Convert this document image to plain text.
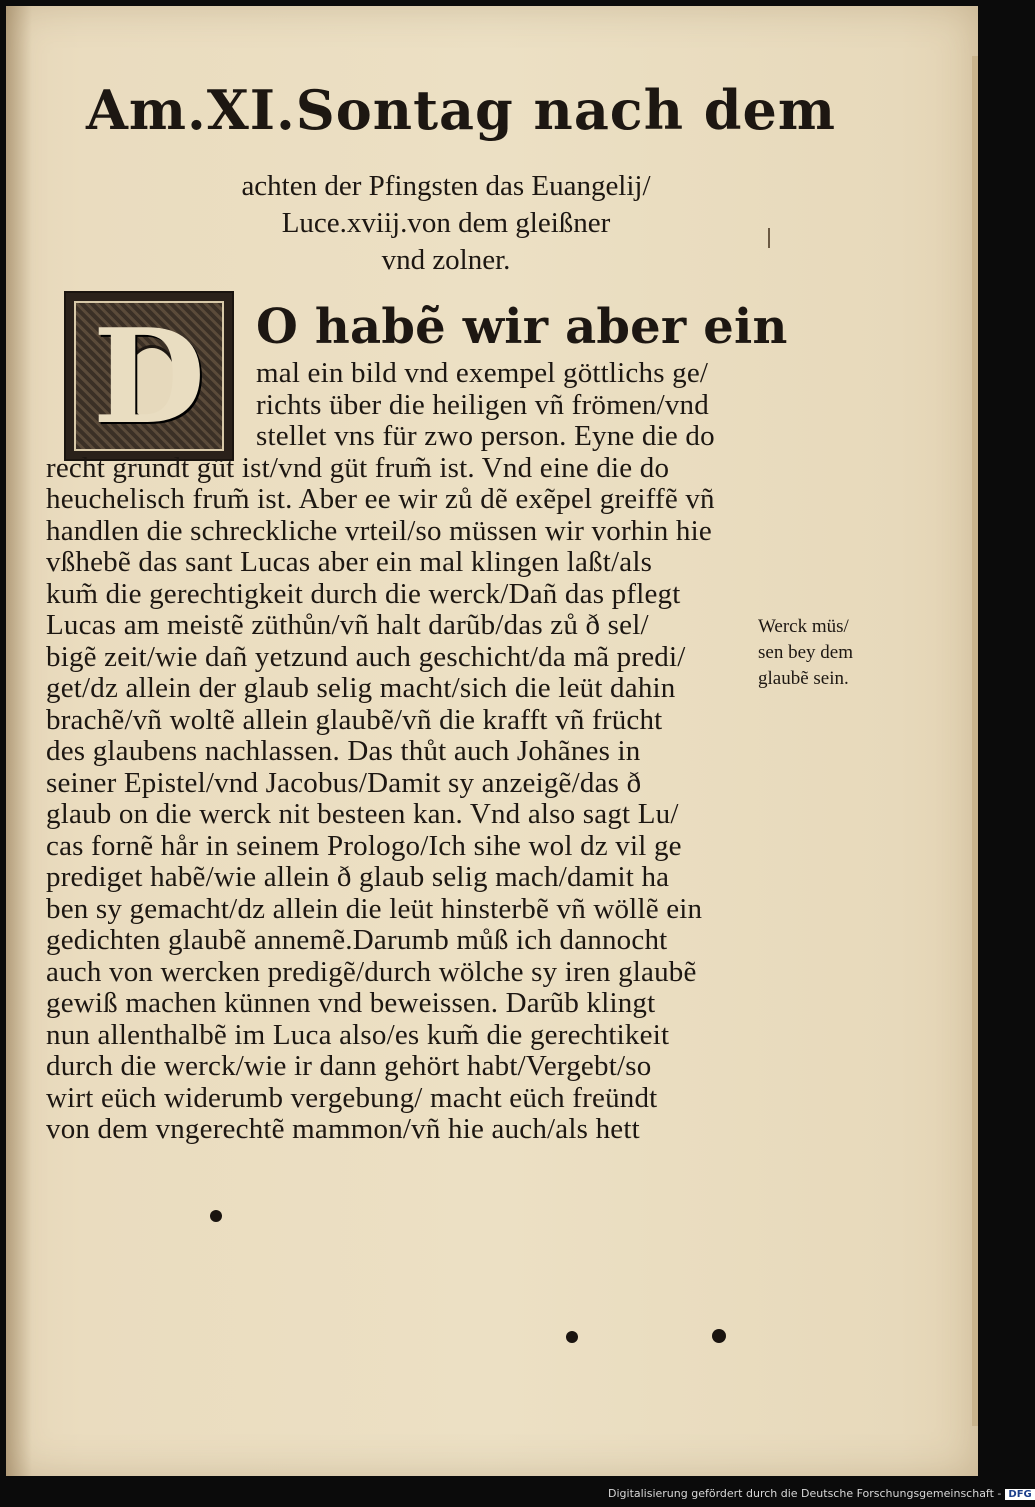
Am.XI.Sontag nach dem
achten der Pfingsten das Euangelij/
Luce.xviij.von dem gleißner
vnd zolner.
D	O habẽ wir aber ein
mal ein bild vnd exempel göttlichs ge/
richts über die heiligen vñ frömen/vnd
stellet vns für zwo person. Eyne die do
recht grundt güt ist/vnd güt frum̃ ist. Vnd eine die do
heuchelisch frum̃ ist. Aber ee wir zů dẽ exẽpel greiffẽ vñ
handlen die schreckliche vrteil/so müssen wir vorhin hie
vßhebẽ das sant Lucas aber ein mal klingen laßt/als
kum̃ die gerechtigkeit durch die werck/Dañ das pflegt
Lucas am meistẽ züthůn/vñ halt darũb/das zů ð sel/
bigẽ zeit/wie dañ yetzund auch geschicht/da mã predi/
get/dz allein der glaub selig macht/sich die leüt dahin
brachẽ/vñ woltẽ allein glaubẽ/vñ die krafft vñ frücht
des glaubens nachlassen. Das thůt auch Johãnes in
seiner Epistel/vnd Jacobus/Damit sy anzeigẽ/das ð
glaub on die werck nit besteen kan. Vnd also sagt Lu/
cas fornẽ hår in seinem Prologo/Ich sihe wol dz vil ge
prediget habẽ/wie allein ð glaub selig mach/damit ha
ben sy gemacht/dz allein die leüt hinsterbẽ vñ wöllẽ ein
gedichten glaubẽ annemẽ.Darumb můß ich dannocht
auch von wercken predigẽ/durch wölche sy iren glaubẽ
gewiß machen künnen vnd beweissen. Darũb klingt
nun allenthalbẽ im Luca also/es kum̃ die gerechtikeit
durch die werck/wie ir dann gehört habt/Vergebt/so
wirt eüch widerumb vergebung/ macht eüch freündt
von dem vngerechtẽ mammon/vñ hie auch/als hett
Werck müs/
sen bey dem
glaubẽ sein.
Digitalisierung gefördert durch die Deutsche Forschungsgemeinschaft - DFG
